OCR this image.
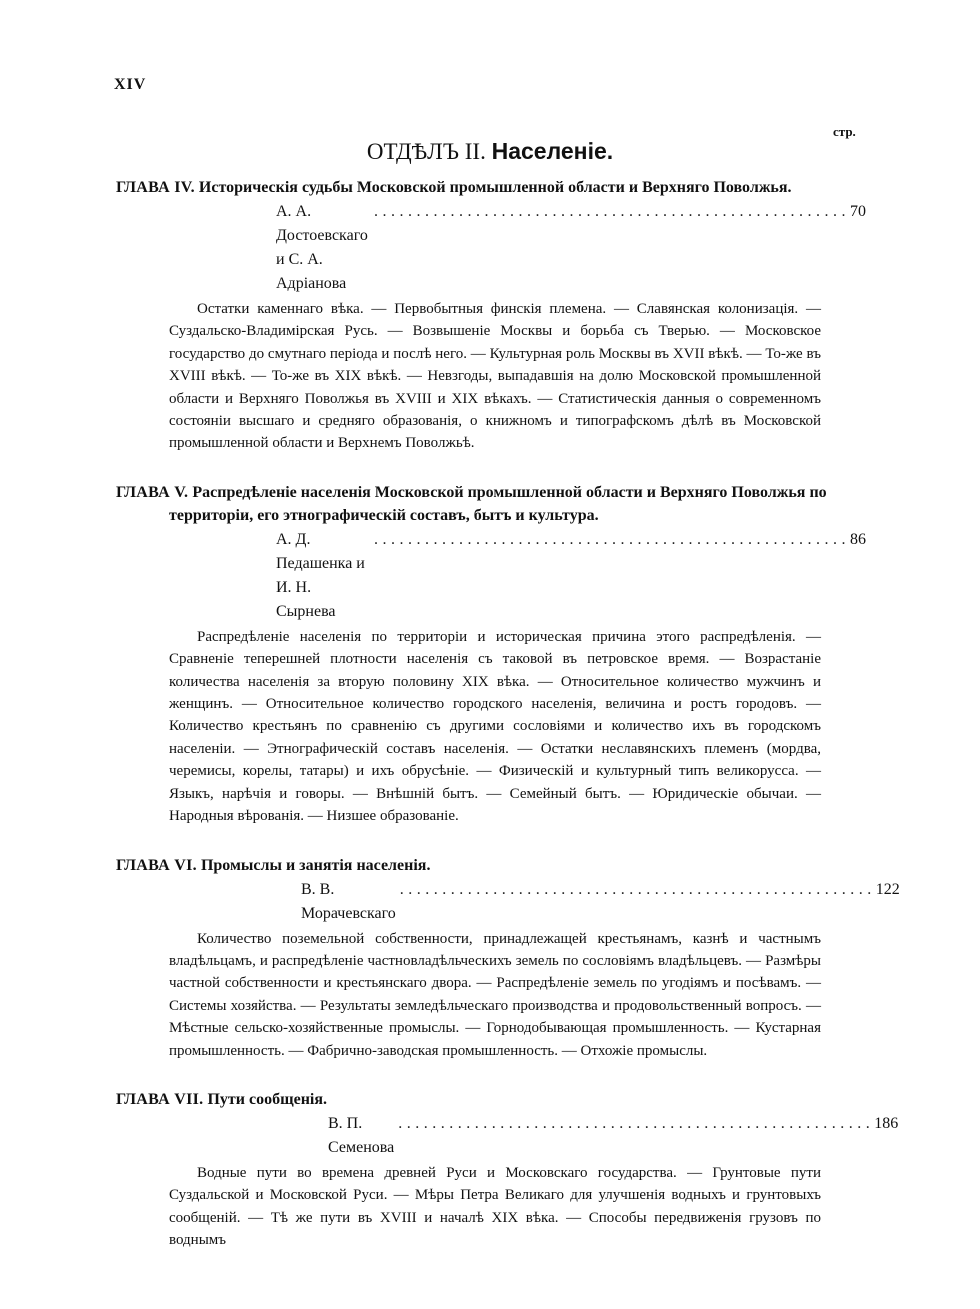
XIV
стр.
ОТДѢЛЪ II. Населеніе.
ГЛАВА IV. Историческія судьбы Московской промышленной области и Верхняго Поволжья.
А. А. Достоевскаго и С. А. Адріанова
........................................................ 70
Остатки каменнаго вѣка. — Первобытныя финскія племена. — Славянская колонизація. — Суздальско-Владимірская Русь. — Возвышеніе Москвы и борьба съ Тверью. — Московское государство до смутнаго періода и послѣ него. — Культурная роль Москвы въ XVII вѣкѣ. — То-же въ XVIII вѣкѣ. — То-же въ XIX вѣкѣ. — Невзгоды, выпадавшія на долю Московской промышленной области и Верхняго Поволжья въ XVIII и XIX вѣкахъ. — Статистическія данныя о современномъ состояніи высшаго и средняго образованія, о книжномъ и типографскомъ дѣлѣ въ Московской промышленной области и Верхнемъ Поволжьѣ.
ГЛАВА V. Распредѣленіе населенія Московской промышленной области и Верхняго Поволжья по территоріи, его этнографическій составъ, бытъ и культура.
А. Д. Педашенка и И. Н. Сырнева
........................................................ 86
Распредѣленіе населенія по территоріи и историческая причина этого распредѣленія. — Сравненіе теперешней плотности населенія съ таковой въ петровское время. — Возрастаніе количества населенія за вторую половину XIX вѣка. — Относительное количество мужчинъ и женщинъ. — Относительное количество городского населенія, величина и ростъ городовъ. — Количество крестьянъ по сравненію съ другими сословіями и количество ихъ въ городскомъ населеніи. — Этнографическій составъ населенія. — Остатки неславянскихъ племенъ (мордва, черемисы, корелы, татары) и ихъ обрусѣніе. — Физическій и культурный типъ великорусса. — Языкъ, нарѣчія и говоры. — Внѣшній бытъ. — Семейный бытъ. — Юридическіе обычаи. — Народныя вѣрованія. — Низшее образованіе.
ГЛАВА VI. Промыслы и занятія населенія.
В. В. Морачевскаго
........................................................ 122
Количество поземельной собственности, принадлежащей крестьянамъ, казнѣ и частнымъ владѣльцамъ, и распредѣленіе частновладѣльческихъ земель по сословіямъ владѣльцевъ. — Размѣры частной собственности и крестьянскаго двора. — Распредѣленіе земель по угодіямъ и посѣвамъ. — Системы хозяйства. — Результаты земледѣльческаго производства и продовольственный вопросъ. — Мѣстные сельско-хозяйственные промыслы. — Горнодобывающая промышленность. — Кустарная промышленность. — Фабрично-заводская промышленность. — Отхожіе промыслы.
ГЛАВА VII. Пути сообщенія.
В. П. Семенова
........................................................ 186
Водные пути во времена древней Руси и Московскаго государства. — Грунтовые пути Суздальской и Московской Руси. — Мѣры Петра Великаго для улучшенія водныхъ и грунтовыхъ сообщеній. — Тѣ же пути въ XVIII и началѣ XIX вѣка. — Способы передвиженія грузовъ по воднымъ
